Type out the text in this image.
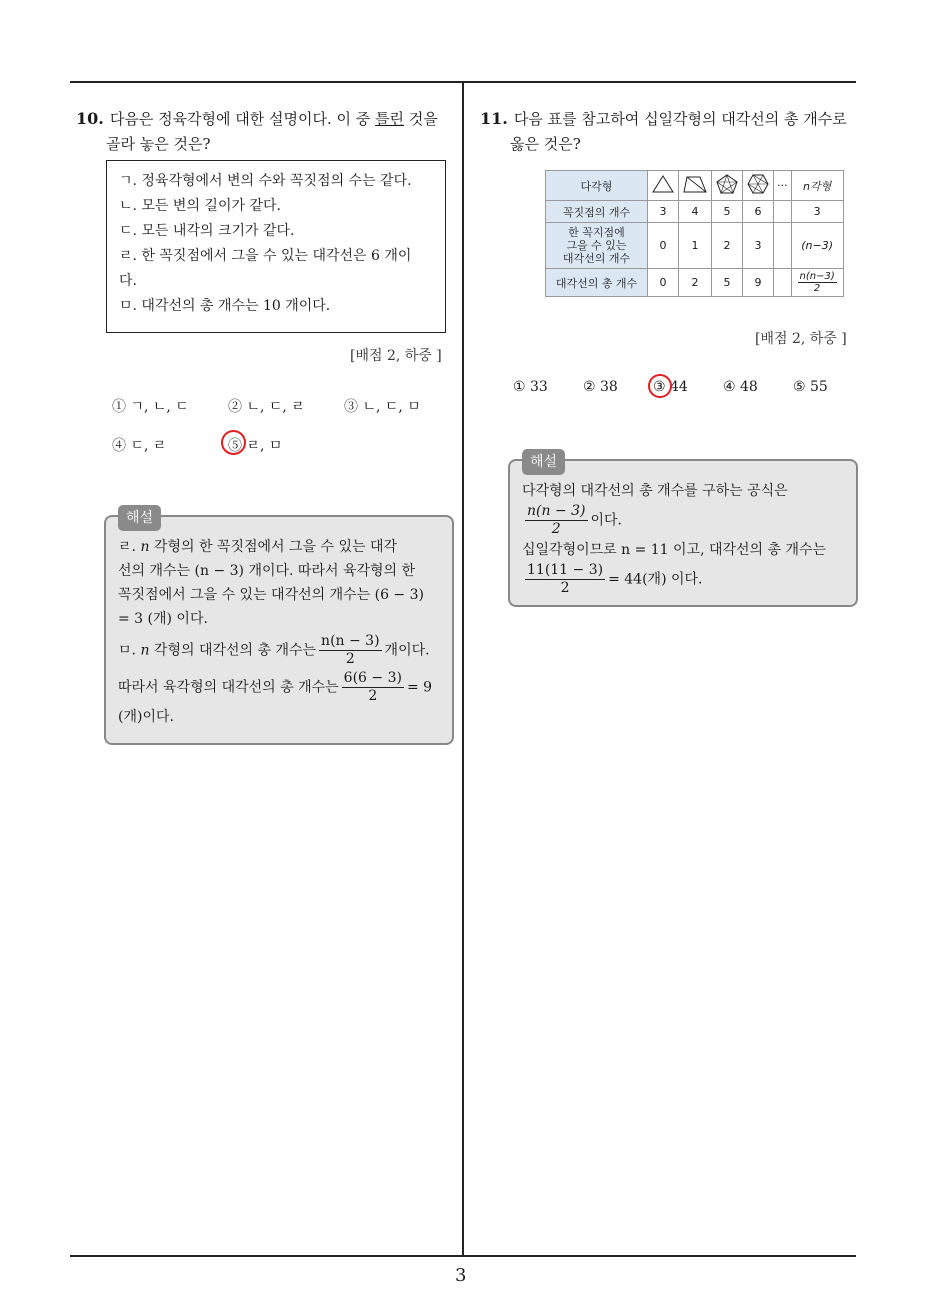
3
10. 다음은 정육각형에 대한 설명이다. 이 중 틀린 것을
골라 놓은 것은?
ㄱ. 정육각형에서 변의 수와 꼭짓점의 수는 같다.
ㄴ. 모든 변의 길이가 같다.
ㄷ. 모든 내각의 크기가 같다.
ㄹ. 한 꼭짓점에서 그을 수 있는 대각선은 6 개이
다.
ㅁ. 대각선의 총 개수는 10 개이다.
[배점 2, 하중 ]
① ㄱ, ㄴ, ㄷ	② ㄴ, ㄷ, ㄹ	③ ㄴ, ㄷ, ㅁ
④ ㄷ, ㄹ	⑤ ㄹ, ㅁ
해설
ㄹ. n 각형의 한 꼭짓점에서 그을 수 있는 대각
선의 개수는 (n − 3) 개이다. 따라서 육각형의 한
꼭짓점에서 그을 수 있는 대각선의 개수는 (6 − 3)
= 3 (개) 이다.
ㅁ. n 각형의 대각선의 총 개수는 $\frac{n(n - 3)}{2}$ 개이다.
따라서 육각형의 대각선의 총 개수는 $\frac{6(6 - 3)}{2} = 9$
(개)이다.
11. 다음 표를 참고하여 십일각형의 대각선의 총 개수로
옳은 것은?
다각형					···	n각형
꼭짓점의 개수	3	4	5	6		3
한 꼭지점에
그을 수 있는
대각선의 개수	0	1	2	3		(n−3)
대각선의 총 개수	0	2	5	9		$\frac{n(n-3)}{2}$
[배점 2, 하중 ]
① 33	② 38	③ 44	④ 48	⑤ 55
해설
다각형의 대각선의 총 개수를 구하는 공식은
$\frac{n(n - 3)}{2}$ 이다.
십일각형이므로 n = 11 이고, 대각선의 총 개수는
$\frac{11(11 - 3)}{2} = 44$(개) 이다.
